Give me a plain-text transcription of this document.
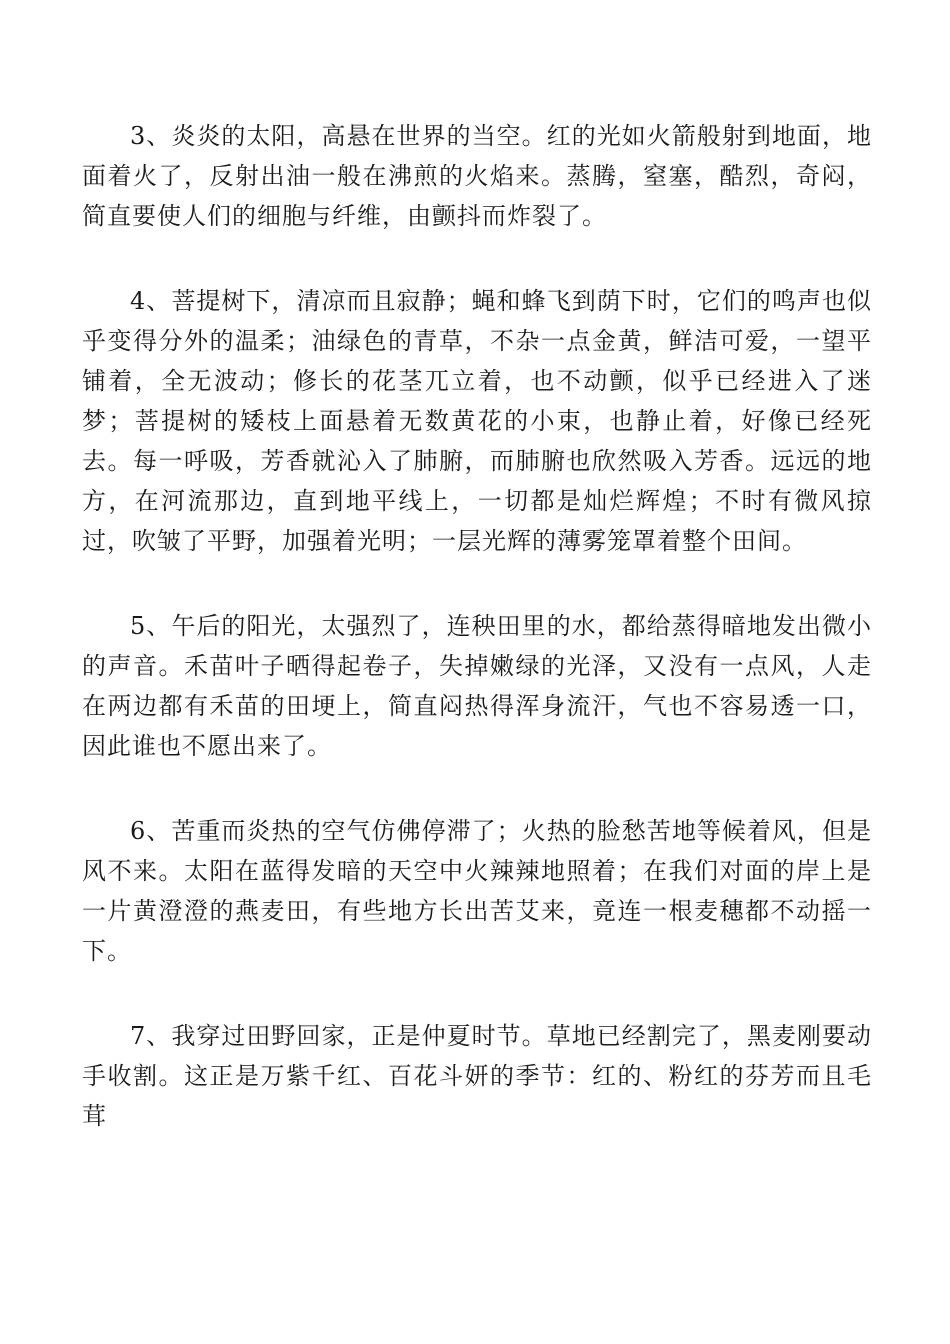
3、炎炎的太阳，高悬在世界的当空。红的光如火箭般射到地面，地面着火了，反射出油一般在沸煎的火焰来。蒸腾，窒塞，酷烈，奇闷，简直要使人们的细胞与纤维，由颤抖而炸裂了。

4、菩提树下，清凉而且寂静；蝇和蜂飞到荫下时，它们的鸣声也似乎变得分外的温柔；油绿色的青草，不杂一点金黄，鲜洁可爱，一望平铺着，全无波动；修长的花茎兀立着，也不动颤，似乎已经进入了迷梦；菩提树的矮枝上面悬着无数黄花的小束，也静止着，好像已经死去。每一呼吸，芳香就沁入了肺腑，而肺腑也欣然吸入芳香。远远的地方，在河流那边，直到地平线上，一切都是灿烂辉煌；不时有微风掠过，吹皱了平野，加强着光明；一层光辉的薄雾笼罩着整个田间。

5、午后的阳光，太强烈了，连秧田里的水，都给蒸得暗地发出微小的声音。禾苗叶子晒得起卷子，失掉嫩绿的光泽，又没有一点风，人走在两边都有禾苗的田埂上，简直闷热得浑身流汗，气也不容易透一口，因此谁也不愿出来了。

6、苦重而炎热的空气仿佛停滞了；火热的脸愁苦地等候着风，但是风不来。太阳在蓝得发暗的天空中火辣辣地照着；在我们对面的岸上是一片黄澄澄的燕麦田，有些地方长出苦艾来，竟连一根麦穗都不动摇一下。

7、我穿过田野回家，正是仲夏时节。草地已经割完了，黑麦刚要动手收割。这正是万紫千红、百花斗妍的季节：红的、粉红的芬芳而且毛茸
